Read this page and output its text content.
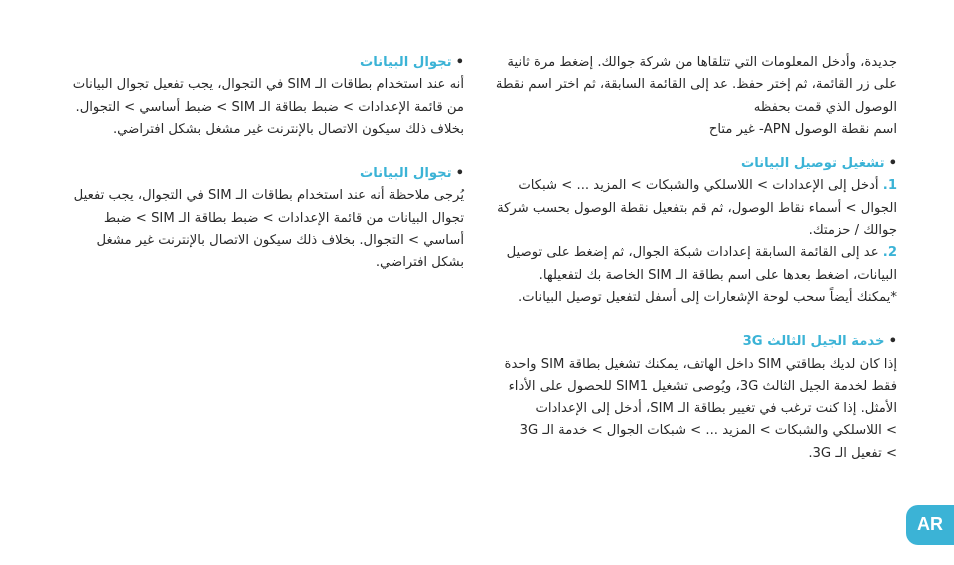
جديدة، وأدخل المعلومات التي تتلقاها من شركة جوالك. إضغط مرة ثانية
على زر القائمة، ثم إختر حفظ. عد إلى القائمة السابقة، ثم اختر اسم نقطة
الوصول الذي قمت بحفظه
اسم نقطة الوصول APN- غير متاح
•تشغيل توصيل البيانات
1. أدخل إلى الإعدادات > اللاسلكي والشبكات > المزيد ... > شبكات
الجوال > أسماء نقاط الوصول، ثم قم بتفعيل نقطة الوصول بحسب شركة
جوالك / حزمتك.
2. عد إلى القائمة السابقة إعدادات شبكة الجوال، ثم إضغط على توصيل
البيانات، اضغط بعدها على اسم بطاقة الـ SIM الخاصة بك لتفعيلها.
*يمكنك أيضاً سحب لوحة الإشعارات إلى أسفل لتفعيل توصيل البيانات.
•خدمة الجيل الثالث 3G
إذا كان لديك بطاقتي SIM داخل الهاتف، يمكنك تشغيل بطاقة SIM واحدة
فقط لخدمة الجيل الثالث 3G، ويُوصى تشغيل SIM1 للحصول على الأداء
الأمثل. إذا كنت ترغب في تغيير بطاقة الـ SIM، أدخل إلى الإعدادات
> اللاسلكي والشبكات > المزيد ... > شبكات الجوال > خدمة الـ 3G
> تفعيل الـ 3G.
•تجوال البيانات
أنه عند استخدام بطاقات الـ SIM في التجوال، يجب تفعيل تجوال البيانات
من قائمة الإعدادات > ضبط بطاقة الـ SIM > ضبط أساسي > التجوال.
بخلاف ذلك سيكون الاتصال بالإنترنت غير مشغل بشكل افتراضي.
•تجوال البيانات
يُرجى ملاحظة أنه عند استخدام بطاقات الـ SIM في التجوال، يجب تفعيل
تجوال البيانات من قائمة الإعدادات > ضبط بطاقة الـ SIM > ضبط
أساسي > التجوال. بخلاف ذلك سيكون الاتصال بالإنترنت غير مشغل
بشكل افتراضي.
AR
